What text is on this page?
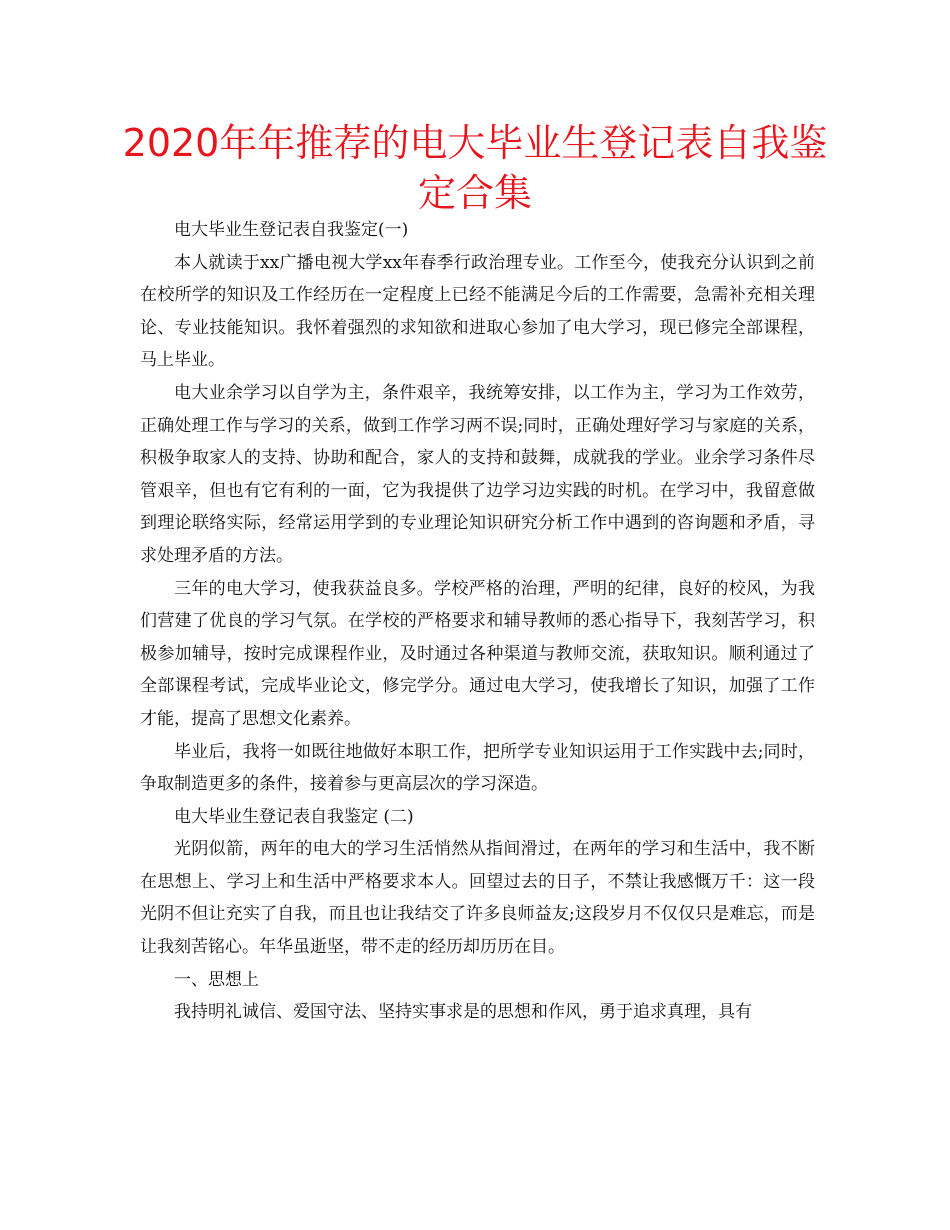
2020年年推荐的电大毕业生登记表自我鉴
定合集

电大毕业生登记表自我鉴定(一)

本人就读于xx广播电视大学xx年春季行政治理专业。工作至今，使我充分认识到之前在校所学的知识及工作经历在一定程度上已经不能满足今后的工作需要，急需补充相关理论、专业技能知识。我怀着强烈的求知欲和进取心参加了电大学习，现已修完全部课程，马上毕业。

电大业余学习以自学为主，条件艰辛，我统筹安排，以工作为主，学习为工作效劳，正确处理工作与学习的关系，做到工作学习两不误;同时，正确处理好学习与家庭的关系，积极争取家人的支持、协助和配合，家人的支持和鼓舞，成就我的学业。业余学习条件尽管艰辛，但也有它有利的一面，它为我提供了边学习边实践的时机。在学习中，我留意做到理论联络实际，经常运用学到的专业理论知识研究分析工作中遇到的咨询题和矛盾，寻求处理矛盾的方法。

三年的电大学习，使我获益良多。学校严格的治理，严明的纪律，良好的校风，为我们营建了优良的学习气氛。在学校的严格要求和辅导教师的悉心指导下，我刻苦学习，积极参加辅导，按时完成课程作业，及时通过各种渠道与教师交流，获取知识。顺利通过了全部课程考试，完成毕业论文，修完学分。通过电大学习，使我增长了知识，加强了工作才能，提高了思想文化素养。

毕业后，我将一如既往地做好本职工作，把所学专业知识运用于工作实践中去;同时，争取制造更多的条件，接着参与更高层次的学习深造。

电大毕业生登记表自我鉴定 (二)

光阴似箭，两年的电大的学习生活悄然从指间滑过，在两年的学习和生活中，我不断在思想上、学习上和生活中严格要求本人。回望过去的日子，不禁让我感慨万千：这一段光阴不但让充实了自我，而且也让我结交了许多良师益友;这段岁月不仅仅只是难忘，而是让我刻苦铭心。年华虽逝坚，带不走的经历却历历在目。

一、思想上

我持明礼诚信、爱国守法、坚持实事求是的思想和作风，勇于追求真理，具有
